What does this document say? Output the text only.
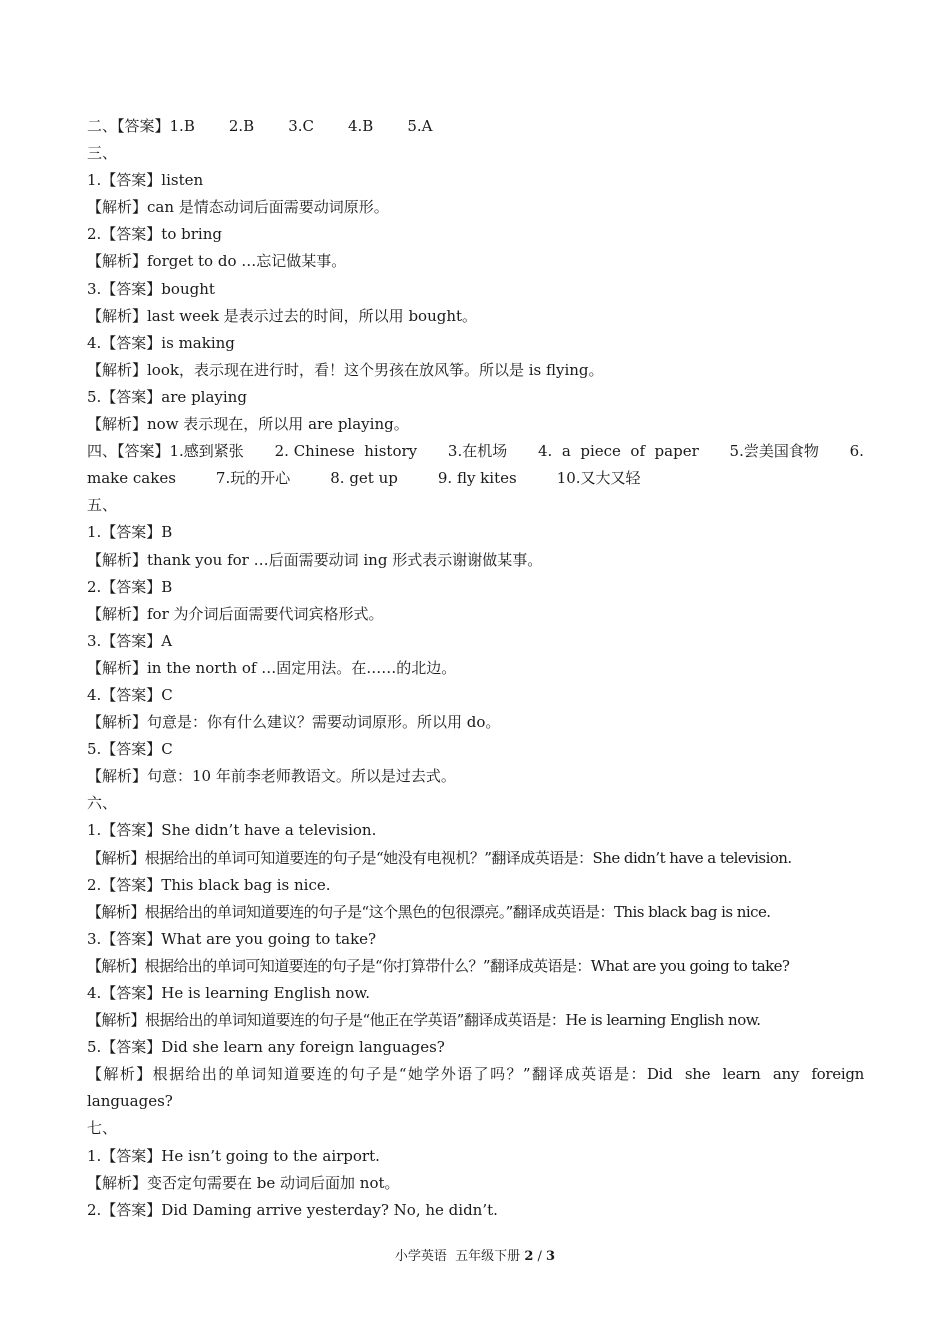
二、【答案】1.B 2.B 3.C 4.B 5.A
三、
1.【答案】listen
【解析】can 是情态动词后面需要动词原形。
2.【答案】to bring
【解析】forget to do …忘记做某事。
3.【答案】bought
【解析】last week 是表示过去的时间，所以用 bought。
4.【答案】is making
【解析】look，表示现在进行时，看！这个男孩在放风筝。所以是 is flying。
5.【答案】are playing
【解析】now 表示现在，所以用 are playing。
四、【答案】1.感到紧张 2. Chinese  history 3.在机场 4.  a  piece  of  paper 5.尝美国食物 6.
make cakes	7.玩的开心	8. get up	9. fly kites	10.又大又轻
五、
1.【答案】B
【解析】thank you for …后面需要动词 ing 形式表示谢谢做某事。
2.【答案】B
【解析】for 为介词后面需要代词宾格形式。
3.【答案】A
【解析】in the north of …固定用法。在……的北边。
4.【答案】C
【解析】句意是：你有什么建议？需要动词原形。所以用 do。
5.【答案】C
【解析】句意：10 年前李老师教语文。所以是过去式。
六、
1.【答案】She didn’t have a television.
【解析】根据给出的单词可知道要连的句子是“她没有电视机？”翻译成英语是：She didn’t have a television.
2.【答案】This black bag is nice.
【解析】根据给出的单词知道要连的句子是“这个黑色的包很漂亮。”翻译成英语是：This black bag is nice.
3.【答案】What are you going to take?
【解析】根据给出的单词可知道要连的句子是“你打算带什么？”翻译成英语是：What are you going to take?
4.【答案】He is learning English now.
【解析】根据给出的单词知道要连的句子是“他正在学英语”翻译成英语是：He is learning English now.
5.【答案】Did she learn any foreign languages?
【解析】根据给出的单词知道要连的句子是“她学外语了吗？”翻译成英语是：Did  she  learn  any  foreign
languages?
七、
1.【答案】He isn’t going to the airport.
【解析】变否定句需要在 be 动词后面加 not。
2.【答案】Did Daming arrive yesterday? No, he didn’t.
小学英语  五年级下册 2 / 3
